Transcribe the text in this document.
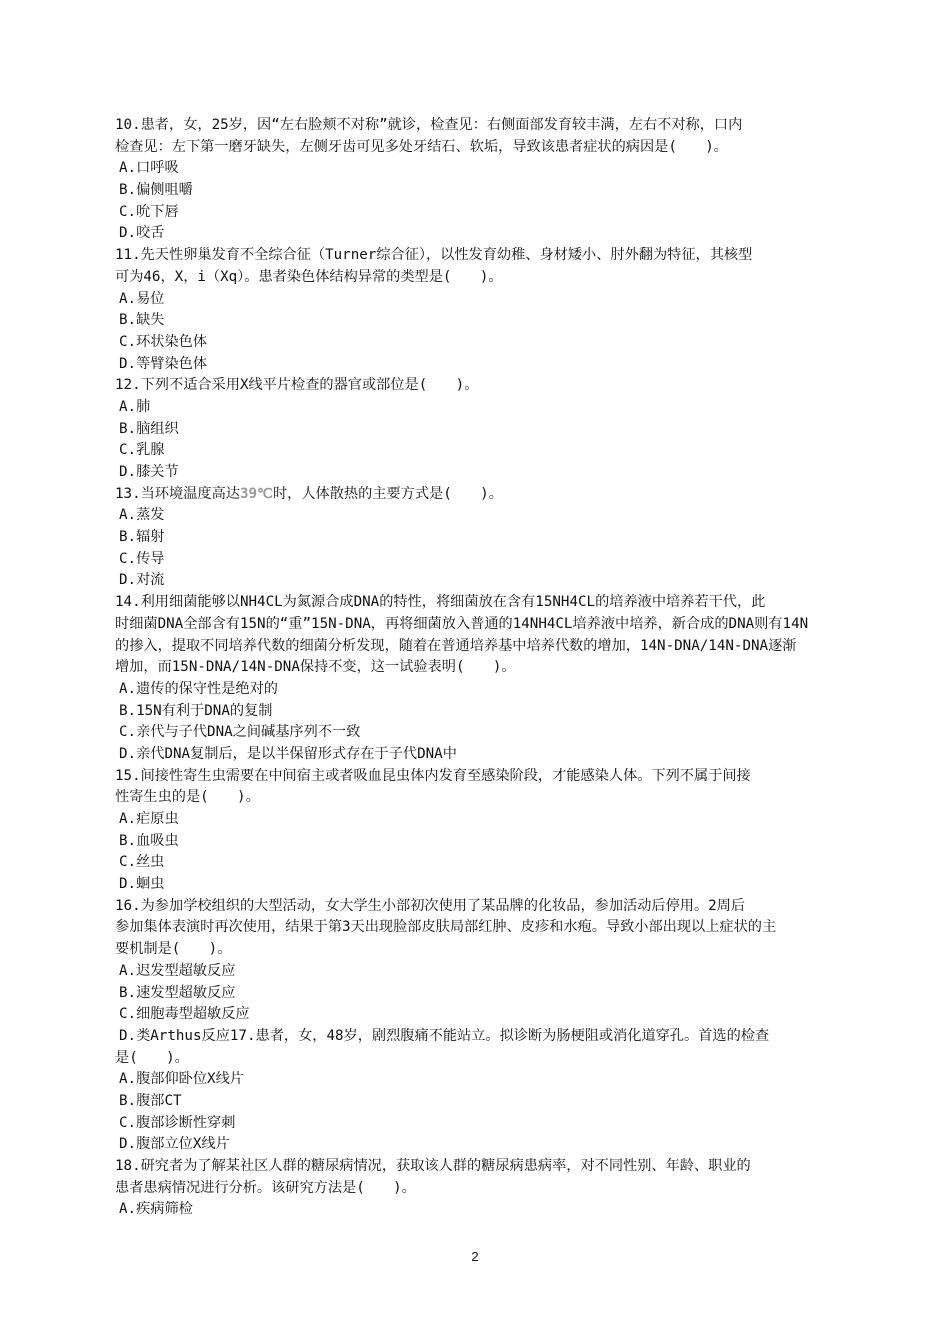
10.患者，女，25岁，因“左右脸颊不对称”就诊，检查见：右侧面部发育较丰满，左右不对称，口内
检查见：左下第一磨牙缺失，左侧牙齿可见多处牙结石、软垢，导致该患者症状的病因是(　　)。
A.口呼吸
B.偏侧咀嚼
C.吮下唇
D.咬舌
11.先天性卵巢发育不全综合征（Turner综合征），以性发育幼稚、身材矮小、肘外翻为特征，其核型
可为46，X，i（Xq）。患者染色体结构异常的类型是(　　)。
A.易位
B.缺失
C.环状染色体
D.等臂染色体
12.下列不适合采用X线平片检查的器官或部位是(　　)。
A.肺
B.脑组织
C.乳腺
D.膝关节
13.当环境温度高达39℃时，人体散热的主要方式是(　　)。
A.蒸发
B.辐射
C.传导
D.对流
14.利用细菌能够以NH4CL为氮源合成DNA的特性，将细菌放在含有15NH4CL的培养液中培养若干代，此
时细菌DNA全部含有15N的“重”15N-DNA，再将细菌放入普通的14NH4CL培养液中培养，新合成的DNA则有14N
的掺入，提取不同培养代数的细菌分析发现，随着在普通培养基中培养代数的增加，14N-DNA/14N-DNA逐渐
增加，而15N-DNA/14N-DNA保持不变，这一试验表明(　　)。
A.遗传的保守性是绝对的
B.15N有利于DNA的复制
C.亲代与子代DNA之间碱基序列不一致
D.亲代DNA复制后，是以半保留形式存在于子代DNA中
15.间接性寄生虫需要在中间宿主或者吸血昆虫体内发育至感染阶段，才能感染人体。下列不属于间接
性寄生虫的是(　　)。
A.疟原虫
B.血吸虫
C.丝虫
D.蛔虫
16.为参加学校组织的大型活动，女大学生小部初次使用了某品牌的化妆品，参加活动后停用。2周后
参加集体表演时再次使用，结果于第3天出现脸部皮肤局部红肿、皮疹和水疱。导致小部出现以上症状的主
要机制是(　　)。
A.迟发型超敏反应
B.速发型超敏反应
C.细胞毒型超敏反应
D.类Arthus反应17.患者，女，48岁，剧烈腹痛不能站立。拟诊断为肠梗阻或消化道穿孔。首选的检查
是(　　)。
A.腹部仰卧位X线片
B.腹部CT
C.腹部诊断性穿刺
D.腹部立位X线片
18.研究者为了解某社区人群的糖尿病情况，获取该人群的糖尿病患病率，对不同性别、年龄、职业的
患者患病情况进行分析。该研究方法是(　　)。
A.疾病筛检
2
